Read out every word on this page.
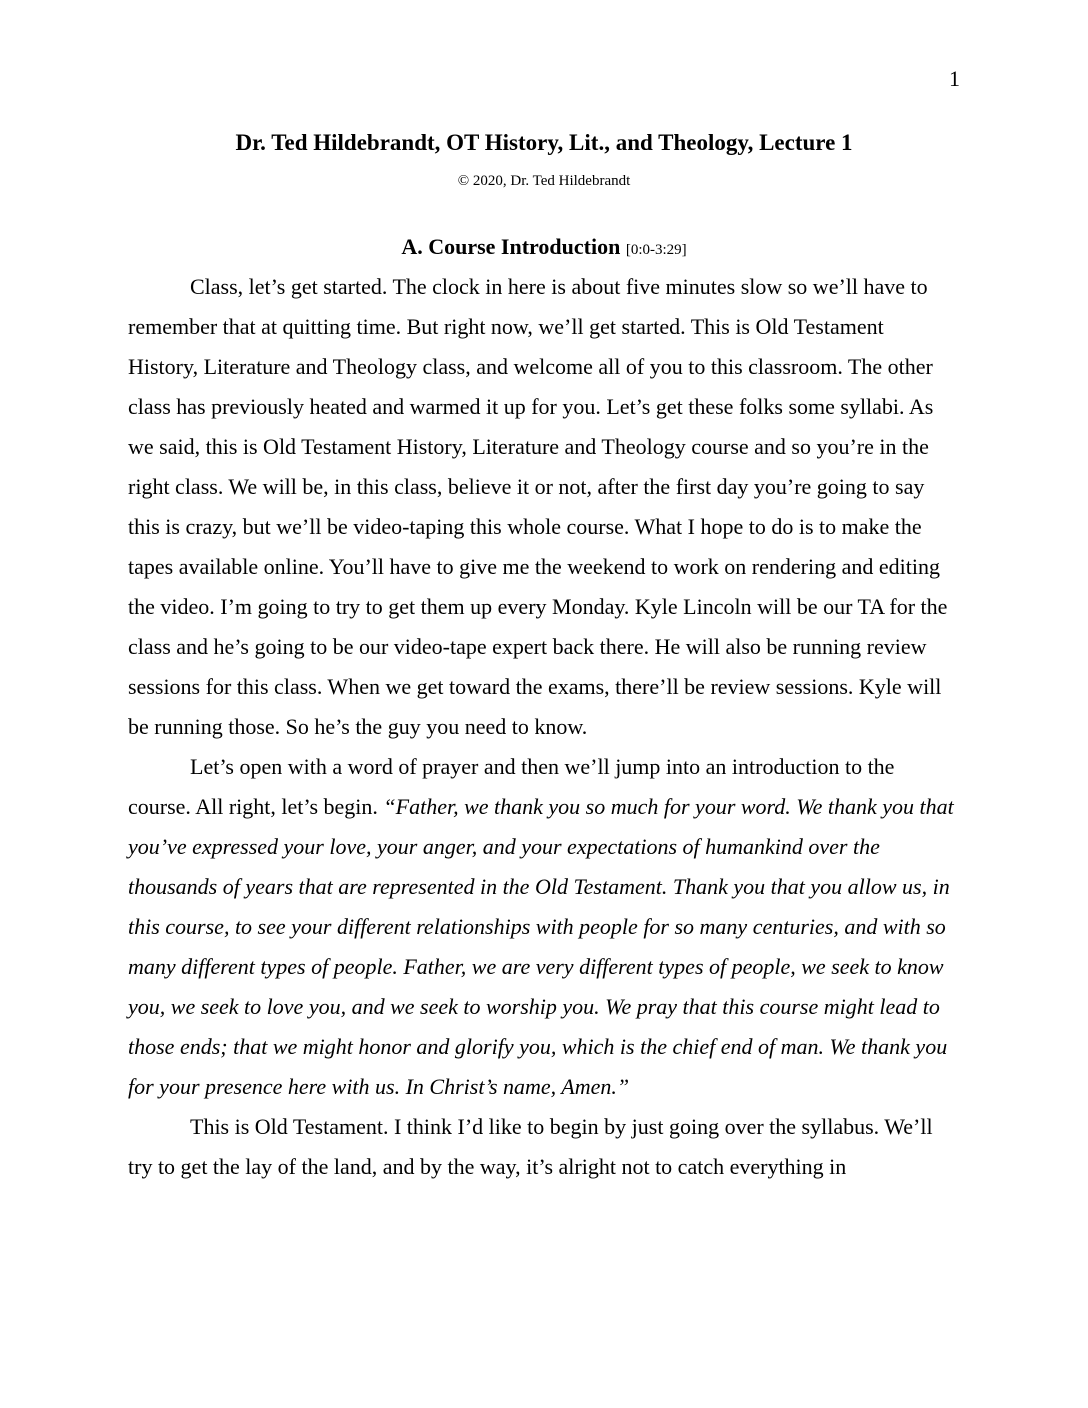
1
Dr. Ted Hildebrandt, OT History, Lit., and Theology, Lecture 1
© 2020, Dr. Ted Hildebrandt
A. Course Introduction [0:0-3:29]

Class, let’s get started. The clock in here is about five minutes slow so we’ll have to remember that at quitting time. But right now, we’ll get started. This is Old Testament History, Literature and Theology class, and welcome all of you to this classroom. The other class has previously heated and warmed it up for you. Let’s get these folks some syllabi. As we said, this is Old Testament History, Literature and Theology course and so you’re in the right class. We will be, in this class, believe it or not, after the first day you’re going to say this is crazy, but we’ll be video-taping this whole course. What I hope to do is to make the tapes available online. You’ll have to give me the weekend to work on rendering and editing the video. I’m going to try to get them up every Monday. Kyle Lincoln will be our TA for the class and he’s going to be our video-tape expert back there. He will also be running review sessions for this class. When we get toward the exams, there’ll be review sessions. Kyle will be running those. So he’s the guy you need to know.

Let’s open with a word of prayer and then we’ll jump into an introduction to the course. All right, let’s begin. “Father, we thank you so much for your word. We thank you that you’ve expressed your love, your anger, and your expectations of humankind over the thousands of years that are represented in the Old Testament. Thank you that you allow us, in this course, to see your different relationships with people for so many centuries, and with so many different types of people. Father, we are very different types of people, we seek to know you, we seek to love you, and we seek to worship you. We pray that this course might lead to those ends; that we might honor and glorify you, which is the chief end of man. We thank you for your presence here with us. In Christ’s name, Amen.”

This is Old Testament. I think I’d like to begin by just going over the syllabus. We’ll try to get the lay of the land, and by the way, it’s alright not to catch everything in
